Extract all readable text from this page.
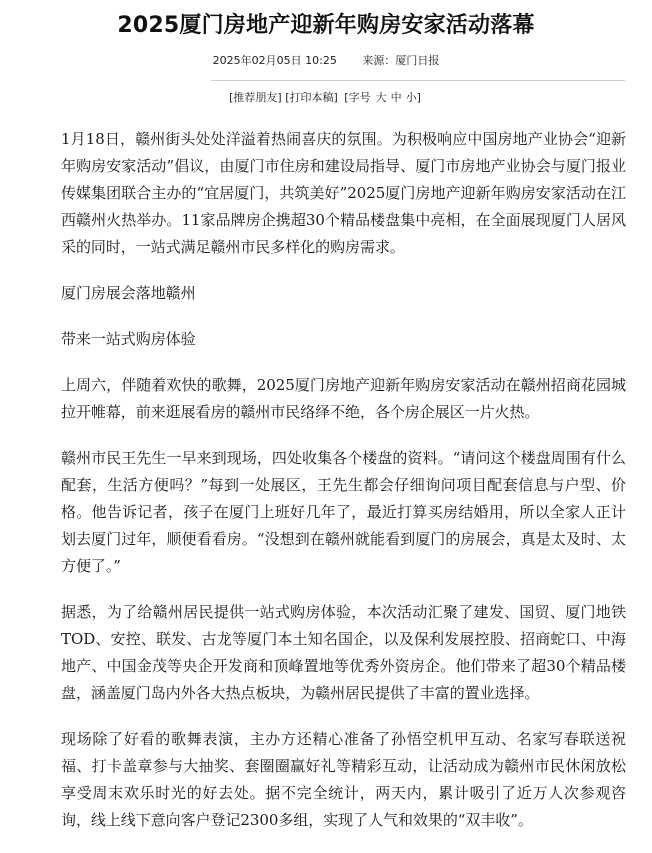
2025厦门房地产迎新年购房安家活动落幕
2025年02月05日 10:25 来源：厦门日报
[推荐朋友] [打印本稿] [字号 大 中 小]

1月18日，赣州街头处处洋溢着热闹喜庆的氛围。为积极响应中国房地产业协会“迎新年购房安家活动”倡议，由厦门市住房和建设局指导、厦门市房地产业协会与厦门报业传媒集团联合主办的“宜居厦门，共筑美好”2025厦门房地产迎新年购房安家活动在江西赣州火热举办。11家品牌房企携超30个精品楼盘集中亮相，在全面展现厦门人居风采的同时，一站式满足赣州市民多样化的购房需求。

厦门房展会落地赣州

带来一站式购房体验

上周六，伴随着欢快的歌舞，2025厦门房地产迎新年购房安家活动在赣州招商花园城拉开帷幕，前来逛展看房的赣州市民络绎不绝，各个房企展区一片火热。

赣州市民王先生一早来到现场，四处收集各个楼盘的资料。“请问这个楼盘周围有什么配套，生活方便吗？”每到一处展区，王先生都会仔细询问项目配套信息与户型、价格。他告诉记者，孩子在厦门上班好几年了，最近打算买房结婚用，所以全家人正计划去厦门过年，顺便看看房。“没想到在赣州就能看到厦门的房展会，真是太及时、太方便了。”

据悉，为了给赣州居民提供一站式购房体验，本次活动汇聚了建发、国贸、厦门地铁TOD、安控、联发、古龙等厦门本土知名国企，以及保利发展控股、招商蛇口、中海地产、中国金茂等央企开发商和顶峰置地等优秀外资房企。他们带来了超30个精品楼盘，涵盖厦门岛内外各大热点板块，为赣州居民提供了丰富的置业选择。

现场除了好看的歌舞表演，主办方还精心准备了孙悟空机甲互动、名家写春联送祝福、打卡盖章参与大抽奖、套圈圈赢好礼等精彩互动，让活动成为赣州市民休闲放松享受周末欢乐时光的好去处。据不完全统计，两天内，累计吸引了近万人次参观咨询，线上线下意向客户登记2300多组，实现了人气和效果的“双丰收”。
